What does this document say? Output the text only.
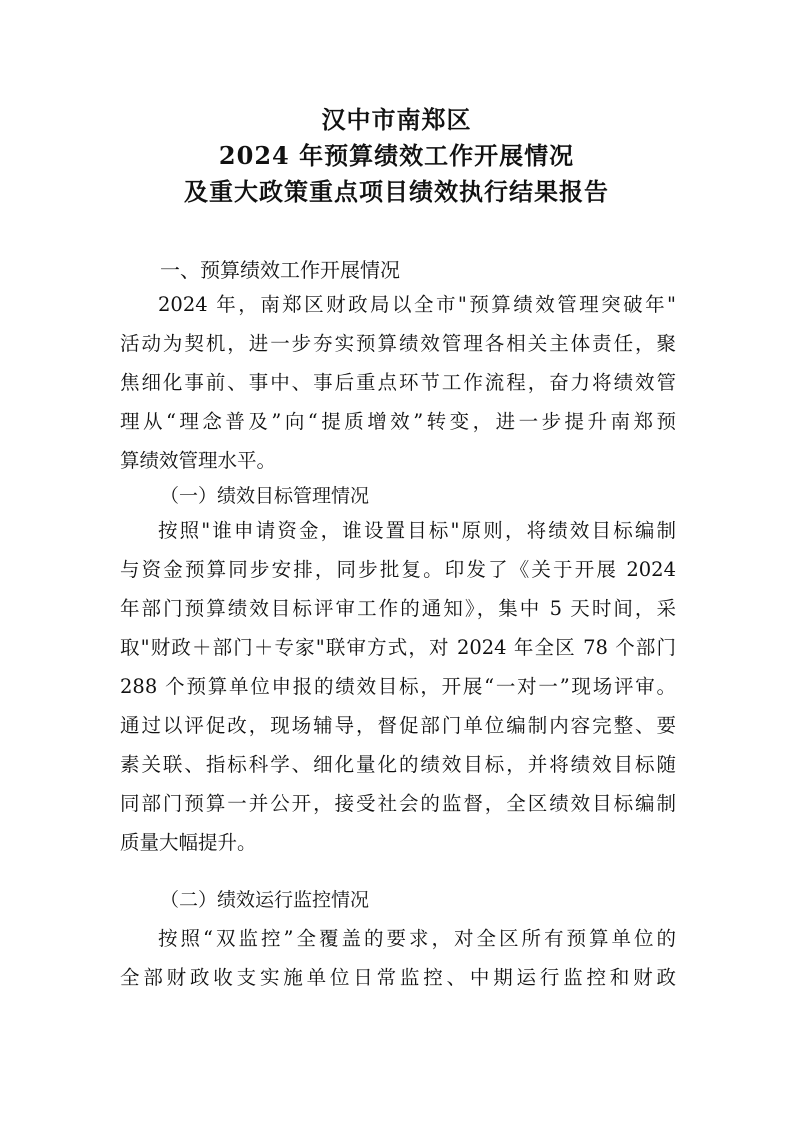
汉中市南郑区
2024 年预算绩效工作开展情况
及重大政策重点项目绩效执行结果报告
一、预算绩效工作开展情况
2024 年，南郑区财政局以全市"预算绩效管理突破年"
活动为契机，进一步夯实预算绩效管理各相关主体责任，聚
焦细化事前、事中、事后重点环节工作流程，奋力将绩效管
理从“理念普及”向“提质增效”转变，进一步提升南郑预
算绩效管理水平。
（一）绩效目标管理情况
按照"谁申请资金，谁设置目标"原则，将绩效目标编制
与资金预算同步安排，同步批复。印发了《关于开展 2024
年部门预算绩效目标评审工作的通知》，集中 5 天时间，采
取"财政＋部门＋专家"联审方式，对 2024 年全区 78 个部门
288 个预算单位申报的绩效目标，开展“一对一”现场评审。
通过以评促改，现场辅导，督促部门单位编制内容完整、要
素关联、指标科学、细化量化的绩效目标，并将绩效目标随
同部门预算一并公开，接受社会的监督，全区绩效目标编制
质量大幅提升。
（二）绩效运行监控情况
按照“双监控”全覆盖的要求，对全区所有预算单位的
全部财政收支实施单位日常监控、中期运行监控和财政
